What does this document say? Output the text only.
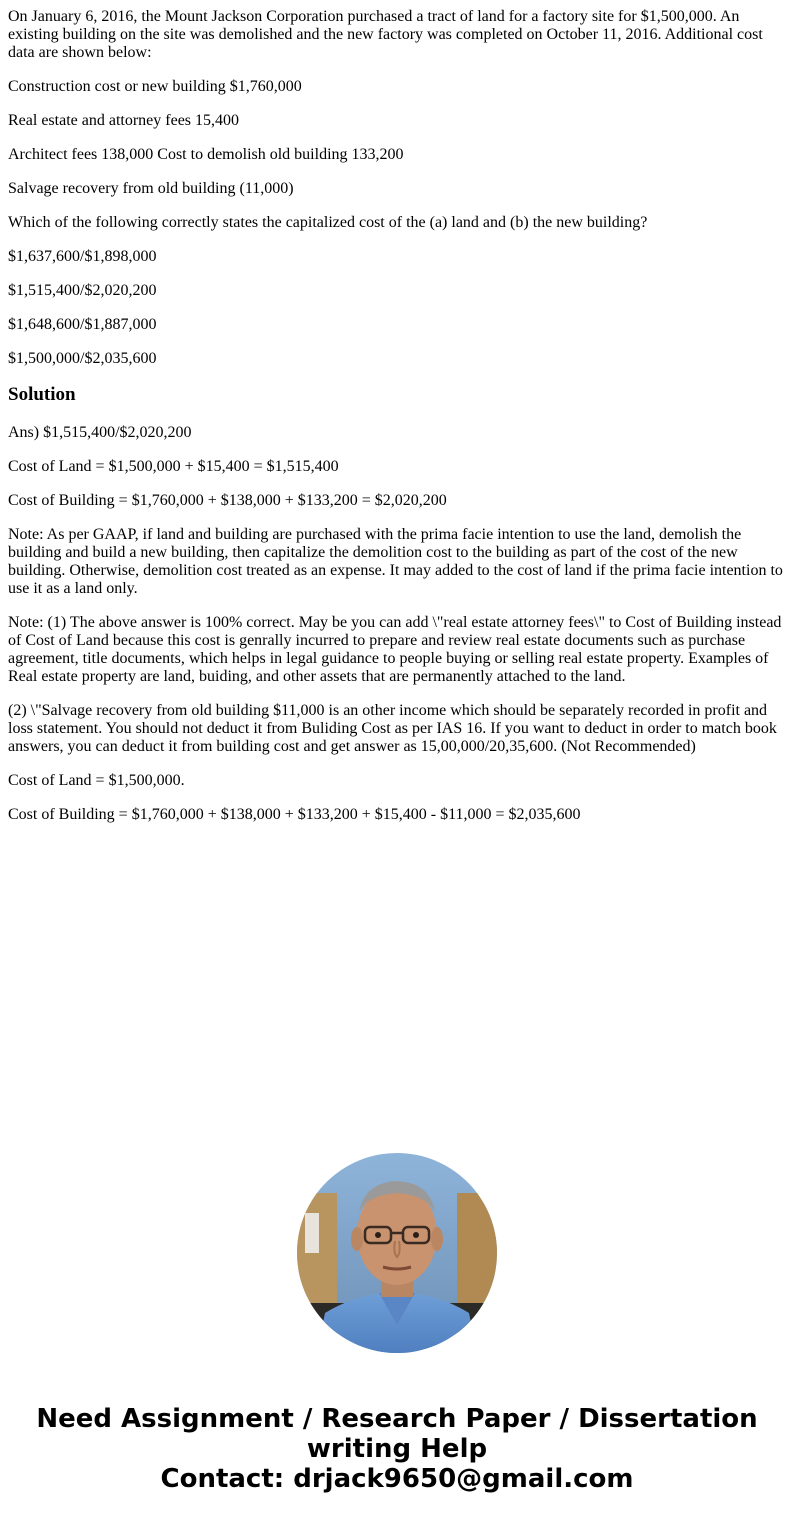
On January 6, 2016, the Mount Jackson Corporation purchased a tract of land for a factory site for $1,500,000. An existing building on the site was demolished and the new factory was completed on October 11, 2016. Additional cost data are shown below:

Construction cost or new building $1,760,000

Real estate and attorney fees 15,400

Architect fees 138,000 Cost to demolish old building 133,200

Salvage recovery from old building (11,000)

Which of the following correctly states the capitalized cost of the (a) land and (b) the new building?

$1,637,600/$1,898,000

$1,515,400/$2,020,200

$1,648,600/$1,887,000

$1,500,000/$2,035,600

Solution

Ans) $1,515,400/$2,020,200

Cost of Land = $1,500,000 + $15,400 = $1,515,400

Cost of Building = $1,760,000 + $138,000 + $133,200 = $2,020,200

Note: As per GAAP, if land and building are purchased with the prima facie intention to use the land, demolish the building and build a new building, then capitalize the demolition cost to the building as part of the cost of the new building. Otherwise, demolition cost treated as an expense. It may added to the cost of land if the prima facie intention to use it as a land only.

Note: (1) The above answer is 100% correct. May be you can add \"real estate attorney fees\" to Cost of Building instead of Cost of Land because this cost is genrally incurred to prepare and review real estate documents such as purchase agreement, title documents, which helps in legal guidance to people buying or selling real estate property. Examples of Real estate property are land, buiding, and other assets that are permanently attached to the land.

(2) \"Salvage recovery from old building $11,000 is an other income which should be separately recorded in profit and loss statement. You should not deduct it from Buliding Cost as per IAS 16. If you want to deduct in order to match book answers, you can deduct it from building cost and get answer as 15,00,000/20,35,600. (Not Recommended)

Cost of Land = $1,500,000.

Cost of Building = $1,760,000 + $138,000 + $133,200 + $15,400 - $11,000 = $2,035,600

Need Assignment / Research Paper / Dissertation
writing Help
Contact: drjack9650@gmail.com
